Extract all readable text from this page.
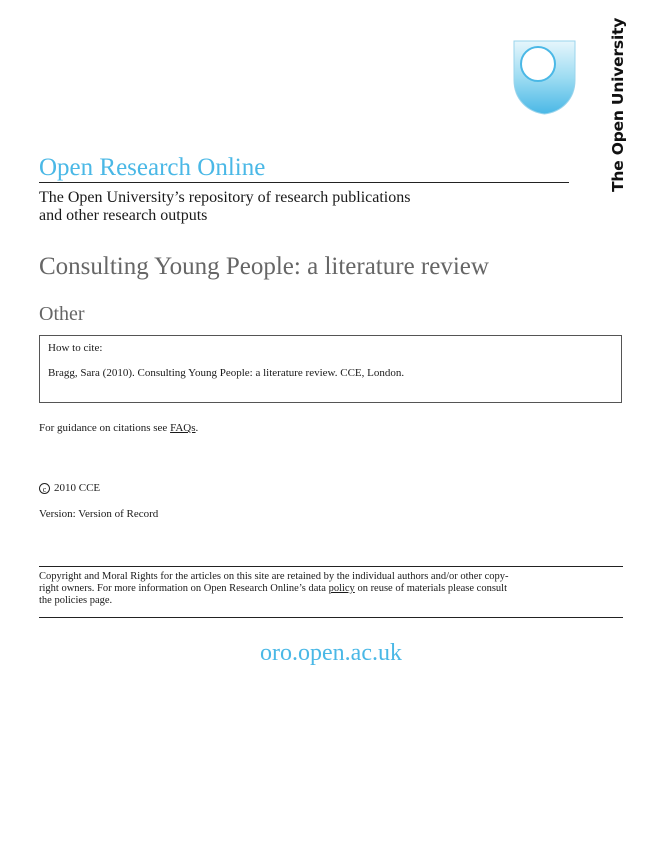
The Open University
Open Research Online
The Open University’s repository of research publications
and other research outputs
Consulting Young People: a literature review
Other
How to cite:
Bragg, Sara (2010). Consulting Young People: a literature review. CCE, London.
For guidance on citations see FAQs.
c 2010 CCE
Version: Version of Record
Copyright and Moral Rights for the articles on this site are retained by the individual authors and/or other copy-
right owners. For more information on Open Research Online’s data policy on reuse of materials please consult
the policies page.
oro.open.ac.uk
